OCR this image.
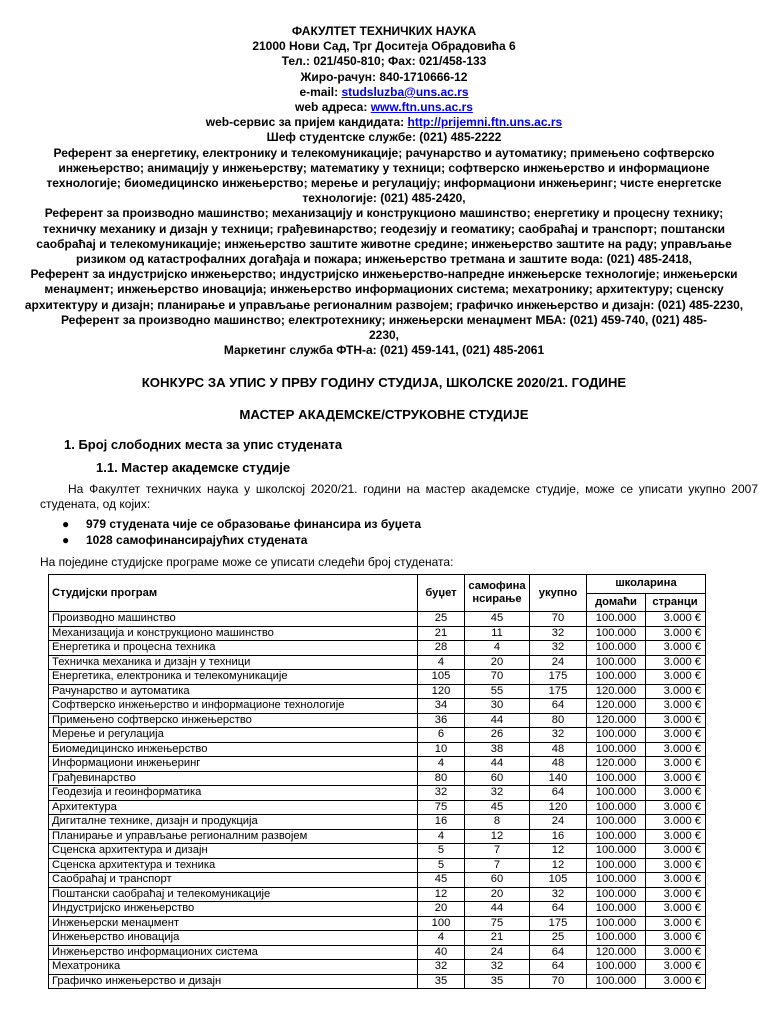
ФАКУЛТЕТ ТЕХНИЧКИХ НАУКА
21000 Нови Сад, Трг Доситеја Обрадовића 6
Тел.: 021/450-810; Фах: 021/458-133
Жиро-рачун: 840-1710666-12
e-mail: studsluzba@uns.ac.rs
web адреса: www.ftn.uns.ac.rs
web-сервис за пријем кандидата: http://prijemni.ftn.uns.ac.rs
Шеф студентске службе: (021) 485-2222
Референт за енергетику, електронику и телекомуникације; рачунарство и аутоматику; примењено софтверско инжењерство; анимацију у инжењерству; математику у техници; софтверско инжењерство и информационе технологије; биомедицинско инжењерство; мерење и регулацију; информациони инжењеринг; чисте енергетске технологије: (021) 485-2420,
Референт за производно машинство; механизацију и конструкционо машинство; енергетику и процесну технику; техничку механику и дизајн у техници; грађевинарство; геодезију и геоматику; саобраћај и транспорт; поштански саобраћај и телекомуникације; инжењерство заштите животне средине; инжењерство заштите на раду; управљање ризиком од катастрофалних догађаја и пожара; инжењерство третмана и заштите вода: (021) 485-2418,
Референт за индустријско инжењерство; индустријско инжењерство-напредне инжењерске технологије; инжењерски менаџмент; инжењерство иновација; инжењерство информационих система; мехатронику; архитектуру; сценску архитектуру и дизајн; планирање и управљање регионалним развојем; графичко инжењерство и дизајн: (021) 485-2230,
Референт за производно машинство; електротехнику; инжењерски менаџмент МБА: (021) 459-740, (021) 485-2230,
Маркетинг служба ФТН-а: (021) 459-141, (021) 485-2061
КОНКУРС ЗА УПИС У ПРВУ ГОДИНУ СТУДИЈА, ШКОЛСКЕ 2020/21. ГОДИНЕ
МАСТЕР АКАДЕМСКЕ/СТРУКОВНЕ СТУДИЈЕ
1. Број слободних места за упис студената
1.1. Мастер академске студије
На Факултет техничких наука у школској 2020/21. години на мастер академске студије, може се уписати укупно 2007 студената, од којих:
● 979 студената чије се образовање финансира из буџета
● 1028 самофинансирајућих студената
На поједине студијске програме може се уписати следећи број студената:
Студијски програм	буџет	самофина нсирање	укупно	школарина	
				домаћи	странци
Производно машинство	25	45	70	100.000	3.000 €
Механизација и конструкционо машинство	21	11	32	100.000	3.000 €
Енергетика и процесна техника	28	4	32	100.000	3.000 €
Техничка механика и дизајн у техници	4	20	24	100.000	3.000 €
Енергетика, електроника и телекомуникације	105	70	175	100.000	3.000 €
Рачунарство и аутоматика	120	55	175	120.000	3.000 €
Софтверско инжењерство и информационе технологије	34	30	64	120.000	3.000 €
Примењено софтверско инжењерство	36	44	80	120.000	3.000 €
Мерење и регулација	6	26	32	100.000	3.000 €
Биомедицинско инжењерство	10	38	48	100.000	3.000 €
Информациони инжењеринг	4	44	48	120.000	3.000 €
Грађевинарство	80	60	140	100.000	3.000 €
Геодезија и геоинформатика	32	32	64	100.000	3.000 €
Архитектура	75	45	120	100.000	3.000 €
Дигиталне технике, дизајн и продукција	16	8	24	100.000	3.000 €
Планирање и управљање регионалним развојем	4	12	16	100.000	3.000 €
Сценска архитектура и дизајн	5	7	12	100.000	3.000 €
Сценска архитектура и техника	5	7	12	100.000	3.000 €
Саобраћај и транспорт	45	60	105	100.000	3.000 €
Поштански саобраћај и телекомуникације	12	20	32	100.000	3.000 €
Индустријско инжењерство	20	44	64	100.000	3.000 €
Инжењерски менаџмент	100	75	175	100.000	3.000 €
Инжењерство иновација	4	21	25	100.000	3.000 €
Инжењерство информационих система	40	24	64	120.000	3.000 €
Мехатроника	32	32	64	100.000	3.000 €
Графичко инжењерство и дизајн	35	35	70	100.000	3.000 €
